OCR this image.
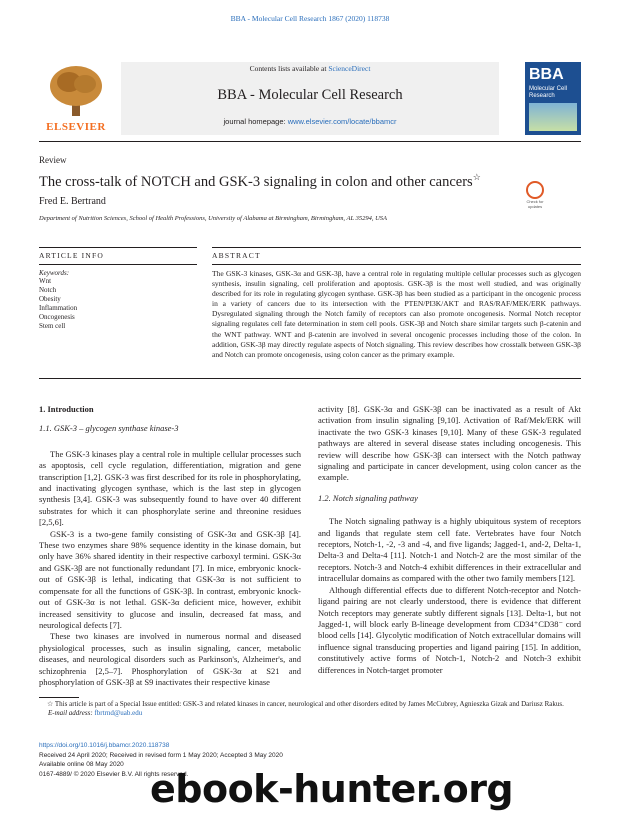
BBA - Molecular Cell Research 1867 (2020) 118738
ELSEVIER
Contents lists available at ScienceDirect
BBA - Molecular Cell Research
journal homepage: www.elsevier.com/locate/bbamcr
BBA
Molecular Cell Research
Review
The cross-talk of NOTCH and GSK-3 signaling in colon and other cancers☆
Fred E. Bertrand
Department of Nutrition Sciences, School of Health Professions, University of Alabama at Birmingham, Birmingham, AL 35294, USA
Check for updates
ARTICLE INFO	ABSTRACT
Keywords:
Wnt
Notch
Obesity
Inflammation
Oncogenesis
Stem cell
The GSK-3 kinases, GSK-3α and GSK-3β, have a central role in regulating multiple cellular processes such as glycogen synthesis, insulin signaling, cell proliferation and apoptosis. GSK-3β is the most well studied, and was originally described for its role in regulating glycogen synthase. GSK-3β has been studied as a participant in the oncogenic process in a variety of cancers due to its intersection with the PTEN/PI3K/AKT and RAS/RAF/MEK/ERK pathways. Dysregulated signaling through the Notch family of receptors can also promote oncogenesis. Normal Notch receptor signaling regulates cell fate determination in stem cell pools. GSK-3β and Notch share similar targets such β-catenin and the WNT pathway. WNT and β-catenin are involved in several oncogenic processes including those of the colon. In addition, GSK-3β may directly regulate aspects of Notch signaling. This review describes how crosstalk between GSK-3β and Notch can promote oncogenesis, using colon cancer as the primary example.
1. Introduction
1.1. GSK-3 – glycogen synthase kinase-3

The GSK-3 kinases play a central role in multiple cellular processes such as apoptosis, cell cycle regulation, differentiation, migration and gene transcription [1,2]. GSK-3 was first described for its role in phosphorylating, and inactivating glycogen synthase, which is the last step in glycogen synthesis [3,4]. GSK-3 was subsequently found to have over 40 different substrates for which it can phosphorylate serine and threonine residues [2,5,6].

GSK-3 is a two-gene family consisting of GSK-3α and GSK-3β [4]. These two enzymes share 98% sequence identity in the kinase domain, but only have 36% shared identity in their respective carboxyl termini. GSK-3α and GSK-3β are not functionally redundant [7]. In mice, embryonic knock-out of GSK-3β is lethal, indicating that GSK-3α is not sufficient to compensate for all the functions of GSK-3β. In contrast, embryonic knock-out of GSK-3α is not lethal. GSK-3α deficient mice, however, exhibit increased sensitivity to glucose and insulin, decreased fat mass, and neurological defects [7].

These two kinases are involved in numerous normal and diseased physiological processes, such as insulin signaling, cancer, metabolic diseases, and neurological disorders such as Parkinson's, Alzheimer's, and schizophrenia [2,5–7]. Phosphorylation of GSK-3α at S21 and phosphorylation of GSK-3β at S9 inactivates their respective kinase

activity [8]. GSK-3α and GSK-3β can be inactivated as a result of Akt activation from insulin signaling [9,10]. Activation of Raf/Mek/ERK will inactivate the two GSK-3 kinases [9,10]. Many of these GSK-3 regulated pathways are altered in several disease states including oncogenesis. This review will describe how GSK-3β can intersect with the Notch pathway signaling and participate in cancer development, using colon cancer as the example.

1.2. Notch signaling pathway

The Notch signaling pathway is a highly ubiquitous system of receptors and ligands that regulate stem cell fate. Vertebrates have four Notch receptors, Notch-1, -2, -3 and -4, and five ligands; Jagged-1, and-2, Delta-1, Delta-3 and Delta-4 [11]. Notch-1 and Notch-2 are the most similar of the receptors. Notch-3 and Notch-4 exhibit differences in their extracellular and intracellular domains as compared with the other two family members [12].

Although differential effects due to different Notch-receptor and Notch-ligand pairing are not clearly understood, there is evidence that different Notch receptors may generate subtly different signals [13]. Delta-1, but not Jagged-1, will block early B-lineage development from CD34⁺CD38⁻ cord blood cells [14]. Glycolytic modification of Notch extracellular domains will influence signal transducing properties and ligand pairing [15]. In addition, constitutively active forms of Notch-1, Notch-2 and Notch-3 exhibit differences in Notch-target promoter

☆ This article is part of a Special Issue entitled: GSK-3 and related kinases in cancer, neurological and other disorders edited by James McCubrey, Agnieszka Gizak and Dariusz Rakus.
E-mail address: fbrtrnd@uab.edu
https://doi.org/10.1016/j.bbamcr.2020.118738
Received 24 April 2020; Received in revised form 1 May 2020; Accepted 3 May 2020
Available online 08 May 2020
0167-4889/ © 2020 Elsevier B.V. All rights reserved.
ebook-hunter.org
